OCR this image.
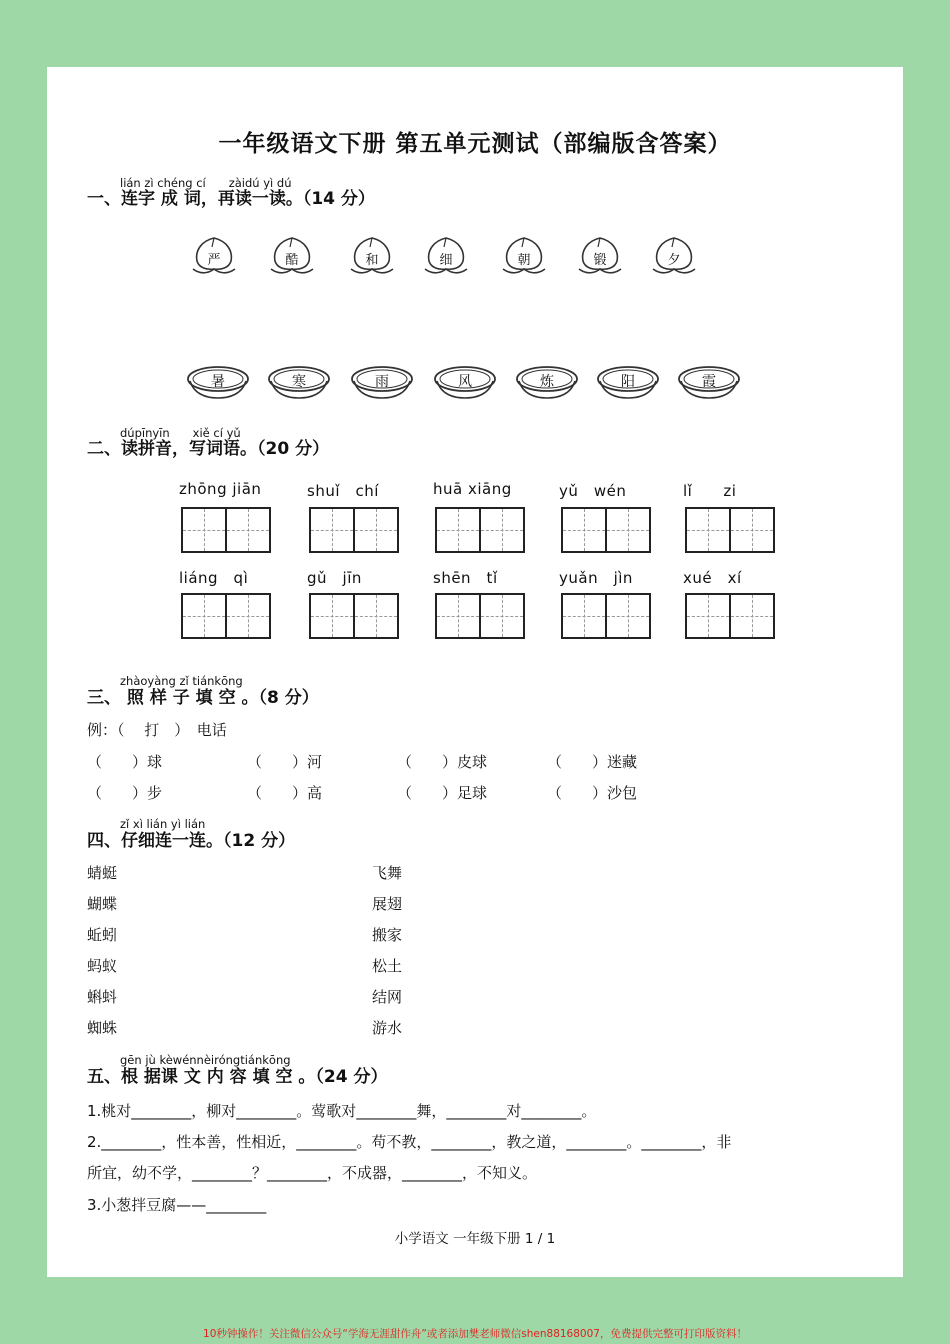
一年级语文下册 第五单元测试（部编版含答案）
lián zì chéng cí　　zàidú yì dú
一、连字 成 词，再读一读。（14 分）
严	酷	和	细	朝	锻	夕
暑	寒	雨	风	炼	阳	霞
dúpīnyīn　　xiě cí yǔ
二、读拼音，写词语。（20 分）
zhōng jiān	shuǐ　chí	huā xiāng	yǔ　wén	lǐ　　zi
liáng　qì	gǔ　jīn	shēn　tǐ	yuǎn　jìn	xué　xí
zhàoyàng zǐ tiánkōng
三、 照 样 子 填 空 。（8 分）
例：（　 打　）　电话
（　　）球	（　　）河	（　　）皮球	（　　）迷藏
（　　）步	（　　）高	（　　）足球	（　　）沙包
zǐ xì lián yì lián
四、仔细连一连。（12 分）
蜻蜓	飞舞
蝴蝶	展翅
蚯蚓	搬家
蚂蚁	松土
蝌蚪	结网
蜘蛛	游水
gēn jù kèwénnèiróngtiánkōng
五、根 据课 文 内 容 填 空 。（24 分）
1.桃对________，柳对________。莺歌对________舞，________对________。
2.________，性本善，性相近，________。苟不教，________，教之道，________。________，非
所宜，幼不学，________？________，不成器，________，不知义。
3.小葱拌豆腐——________
小学语文 一年级下册 1 / 1
10秒钟操作！关注微信公众号“学海无涯甜作舟”或者添加樊老师微信shen88168007，免费提供完整可打印版资料！
